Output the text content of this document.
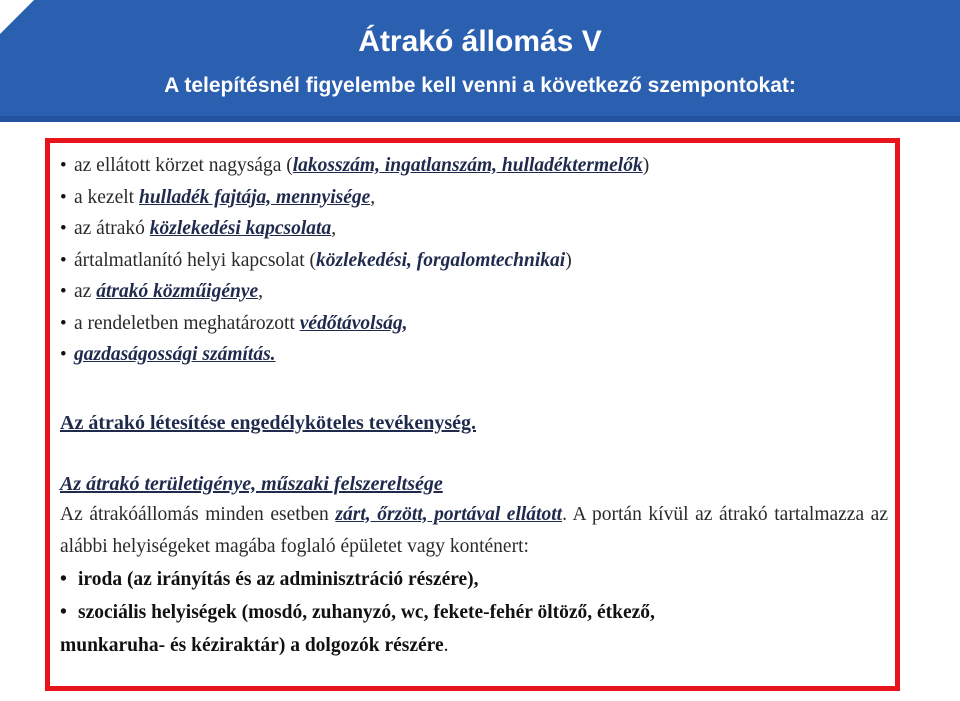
Átrakó állomás V
A telepítésnél figyelembe kell venni a következő szempontokat:
• az ellátott körzet nagysága (lakosszám, ingatlanszám, hulladéktermelők)
• a kezelt hulladék fajtája, mennyisége,
• az átrakó közlekedési kapcsolata,
• ártalmatlanító helyi kapcsolat (közlekedési, forgalomtechnikai)
• az átrakó közműigénye,
• a rendeletben meghatározott védőtávolság,
• gazdaságossági számítás.
Az átrakó létesítése engedélyköteles tevékenység.
Az átrakó területigénye, műszaki felszereltsége
Az átrakóállomás minden esetben zárt, őrzött, portával ellátott. A portán kívül az átrakó tartalmazza az alábbi helyiségeket magába foglaló épületet vagy konténert:
• iroda (az irányítás és az adminisztráció részére),
• szociális helyiségek (mosdó, zuhanyzó, wc, fekete-fehér öltöző, étkező,
munkaruha- és kéziraktár) a dolgozók részére.
